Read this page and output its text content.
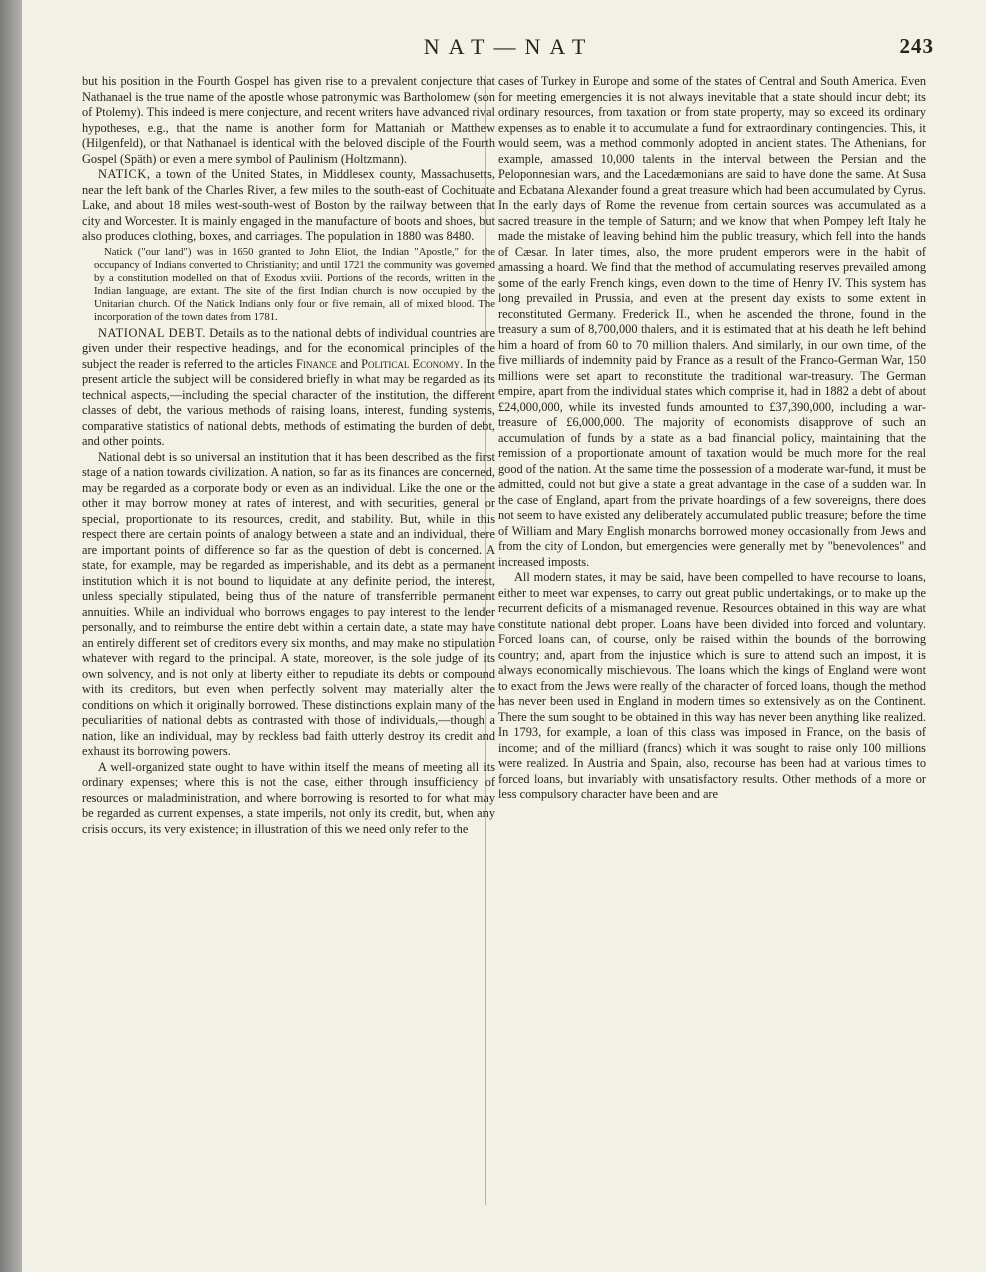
NAT—NAT	243

but his position in the Fourth Gospel has given rise to a prevalent conjecture that Nathanael is the true name of the apostle whose patronymic was Bartholomew (son of Ptolemy). This indeed is mere conjecture, and recent writers have advanced rival hypotheses, e.g., that the name is another form for Mattaniah or Matthew (Hilgenfeld), or that Nathanael is identical with the beloved disciple of the Fourth Gospel (Späth) or even a mere symbol of Paulinism (Holtzmann).

NATICK, a town of the United States, in Middlesex county, Massachusetts, near the left bank of the Charles River, a few miles to the south-east of Cochituate Lake, and about 18 miles west-south-west of Boston by the railway between that city and Worcester. It is mainly engaged in the manufacture of boots and shoes, but also produces clothing, boxes, and carriages. The population in 1880 was 8480.

Natick ("our land") was in 1650 granted to John Eliot, the Indian "Apostle," for the occupancy of Indians converted to Christianity; and until 1721 the community was governed by a constitution modelled on that of Exodus xviii. Portions of the records, written in the Indian language, are extant. The site of the first Indian church is now occupied by the Unitarian church. Of the Natick Indians only four or five remain, all of mixed blood. The incorporation of the town dates from 1781.

NATIONAL DEBT. Details as to the national debts of individual countries are given under their respective headings, and for the economical principles of the subject the reader is referred to the articles Finance and Political Economy. In the present article the subject will be considered briefly in what may be regarded as its technical aspects,—including the special character of the institution, the different classes of debt, the various methods of raising loans, interest, funding systems, comparative statistics of national debts, methods of estimating the burden of debt, and other points.

National debt is so universal an institution that it has been described as the first stage of a nation towards civilization. A nation, so far as its finances are concerned, may be regarded as a corporate body or even as an individual. Like the one or the other it may borrow money at rates of interest, and with securities, general or special, proportionate to its resources, credit, and stability. But, while in this respect there are certain points of analogy between a state and an individual, there are important points of difference so far as the question of debt is concerned. A state, for example, may be regarded as imperishable, and its debt as a permanent institution which it is not bound to liquidate at any definite period, the interest, unless specially stipulated, being thus of the nature of transferrible permanent annuities. While an individual who borrows engages to pay interest to the lender personally, and to reimburse the entire debt within a certain date, a state may have an entirely different set of creditors every six months, and may make no stipulation whatever with regard to the principal. A state, moreover, is the sole judge of its own solvency, and is not only at liberty either to repudiate its debts or compound with its creditors, but even when perfectly solvent may materially alter the conditions on which it originally borrowed. These distinctions explain many of the peculiarities of national debts as contrasted with those of individuals,—though a nation, like an individual, may by reckless bad faith utterly destroy its credit and exhaust its borrowing powers.

A well-organized state ought to have within itself the means of meeting all its ordinary expenses; where this is not the case, either through insufficiency of resources or maladministration, and where borrowing is resorted to for what may be regarded as current expenses, a state imperils, not only its credit, but, when any crisis occurs, its very existence; in illustration of this we need only refer to the

cases of Turkey in Europe and some of the states of Central and South America. Even for meeting emergencies it is not always inevitable that a state should incur debt; its ordinary resources, from taxation or from state property, may so exceed its ordinary expenses as to enable it to accumulate a fund for extraordinary contingencies. This, it would seem, was a method commonly adopted in ancient states. The Athenians, for example, amassed 10,000 talents in the interval between the Persian and the Peloponnesian wars, and the Lacedæmonians are said to have done the same. At Susa and Ecbatana Alexander found a great treasure which had been accumulated by Cyrus. In the early days of Rome the revenue from certain sources was accumulated as a sacred treasure in the temple of Saturn; and we know that when Pompey left Italy he made the mistake of leaving behind him the public treasury, which fell into the hands of Cæsar. In later times, also, the more prudent emperors were in the habit of amassing a hoard. We find that the method of accumulating reserves prevailed among some of the early French kings, even down to the time of Henry IV. This system has long prevailed in Prussia, and even at the present day exists to some extent in reconstituted Germany. Frederick II., when he ascended the throne, found in the treasury a sum of 8,700,000 thalers, and it is estimated that at his death he left behind him a hoard of from 60 to 70 million thalers. And similarly, in our own time, of the five milliards of indemnity paid by France as a result of the Franco-German War, 150 millions were set apart to reconstitute the traditional war-treasury. The German empire, apart from the individual states which comprise it, had in 1882 a debt of about £24,000,000, while its invested funds amounted to £37,390,000, including a war-treasure of £6,000,000. The majority of economists disapprove of such an accumulation of funds by a state as a bad financial policy, maintaining that the remission of a proportionate amount of taxation would be much more for the real good of the nation. At the same time the possession of a moderate war-fund, it must be admitted, could not but give a state a great advantage in the case of a sudden war. In the case of England, apart from the private hoardings of a few sovereigns, there does not seem to have existed any deliberately accumulated public treasure; before the time of William and Mary English monarchs borrowed money occasionally from Jews and from the city of London, but emergencies were generally met by "benevolences" and increased imposts.

All modern states, it may be said, have been compelled to have recourse to loans, either to meet war expenses, to carry out great public undertakings, or to make up the recurrent deficits of a mismanaged revenue. Resources obtained in this way are what constitute national debt proper. Loans have been divided into forced and voluntary. Forced loans can, of course, only be raised within the bounds of the borrowing country; and, apart from the injustice which is sure to attend such an impost, it is always economically mischievous. The loans which the kings of England were wont to exact from the Jews were really of the character of forced loans, though the method has never been used in England in modern times so extensively as on the Continent. There the sum sought to be obtained in this way has never been anything like realized. In 1793, for example, a loan of this class was imposed in France, on the basis of income; and of the milliard (francs) which it was sought to raise only 100 millions were realized. In Austria and Spain, also, recourse has been had at various times to forced loans, but invariably with unsatisfactory results. Other methods of a more or less compulsory character have been and are
